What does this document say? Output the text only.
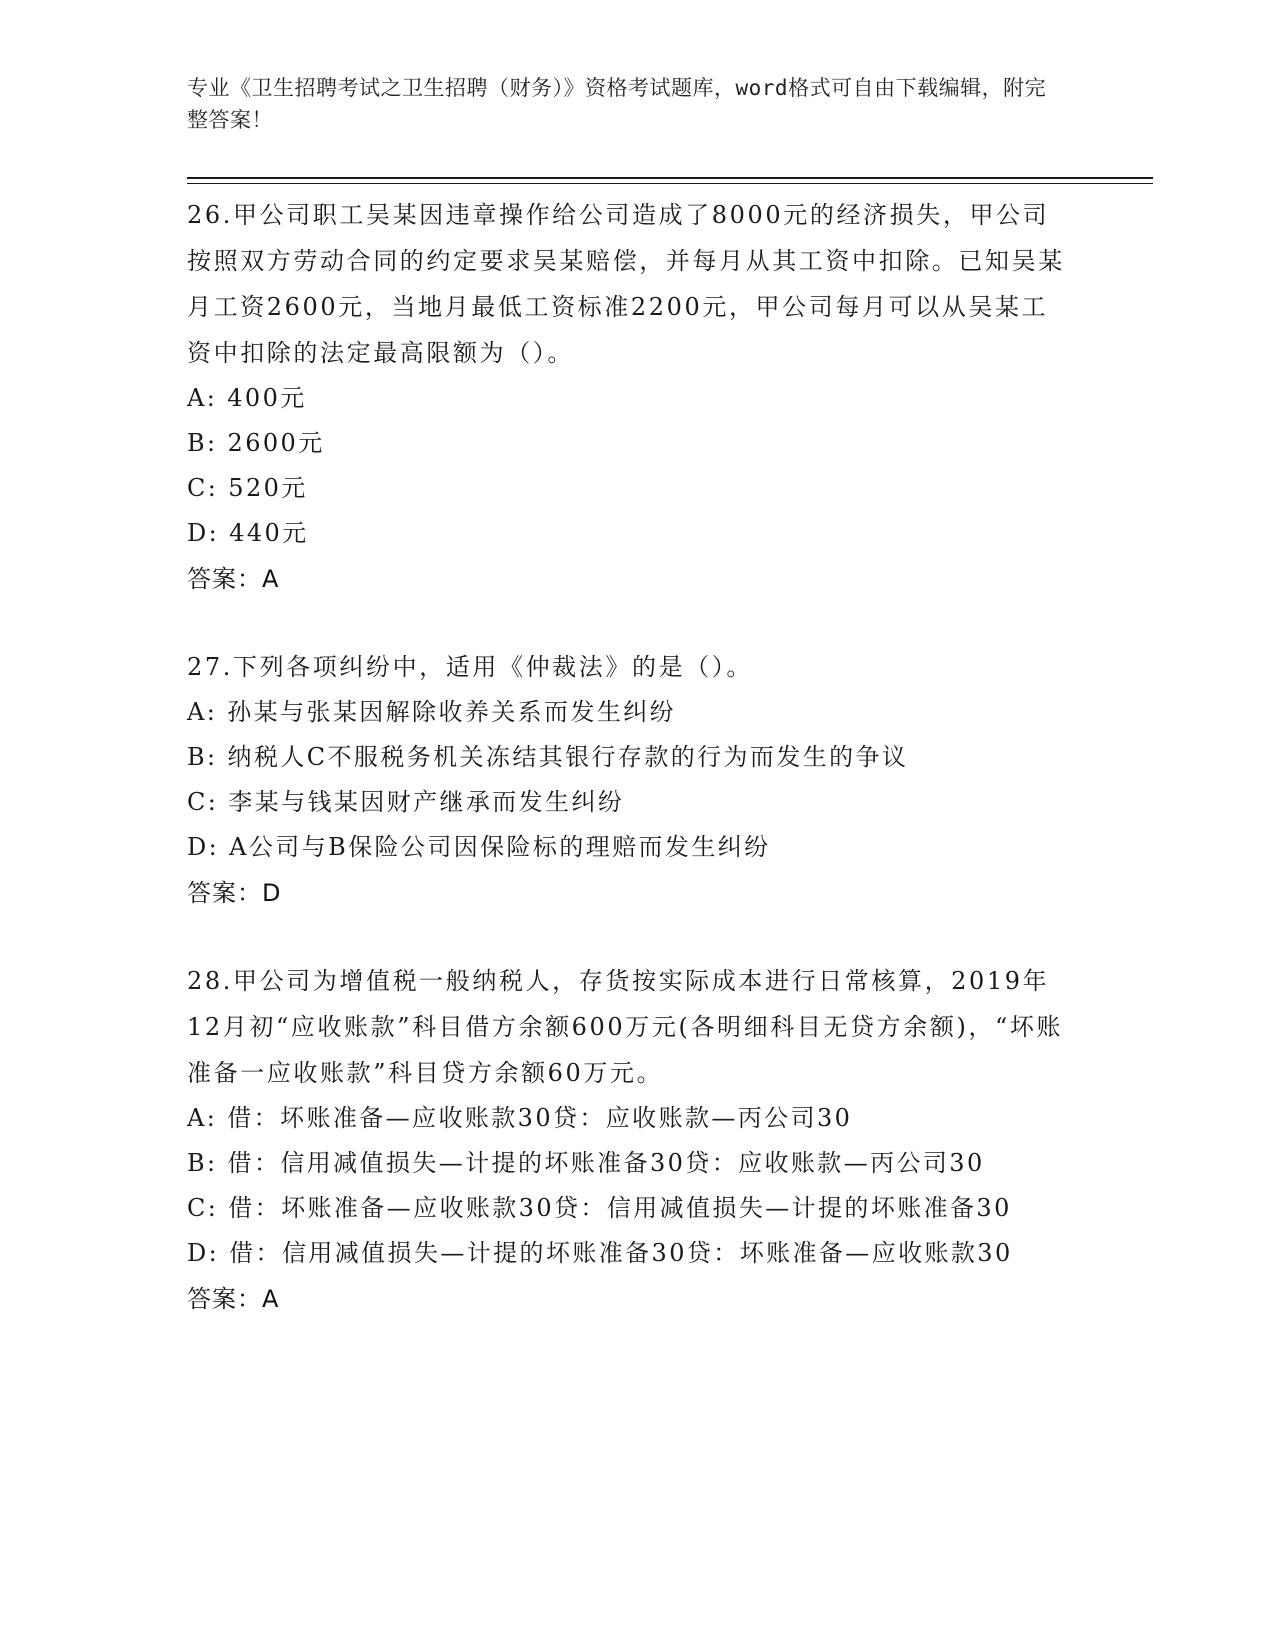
专业《卫生招聘考试之卫生招聘（财务）》资格考试题库，word格式可自由下载编辑，附完整答案！
26.甲公司职工吴某因违章操作给公司造成了8000元的经济损失，甲公司按照双方劳动合同的约定要求吴某赔偿，并每月从其工资中扣除。已知吴某月工资2600元，当地月最低工资标准2200元，甲公司每月可以从吴某工资中扣除的法定最高限额为（）。
A: 400元
B: 2600元
C: 520元
D: 440元
答案：A
27.下列各项纠纷中，适用《仲裁法》的是（）。
A: 孙某与张某因解除收养关系而发生纠纷
B: 纳税人C不服税务机关冻结其银行存款的行为而发生的争议
C: 李某与钱某因财产继承而发生纠纷
D: A公司与B保险公司因保险标的理赔而发生纠纷
答案：D
28.甲公司为增值税一般纳税人，存货按实际成本进行日常核算，2019年12月初“应收账款”科目借方余额600万元(各明细科目无贷方余额)，“坏账准备一应收账款”科目贷方余额60万元。
A: 借：坏账准备—应收账款30贷：应收账款—丙公司30
B: 借：信用减值损失—计提的坏账准备30贷：应收账款—丙公司30
C: 借：坏账准备—应收账款30贷：信用减值损失—计提的坏账准备30
D: 借：信用减值损失—计提的坏账准备30贷：坏账准备—应收账款30
答案：A
